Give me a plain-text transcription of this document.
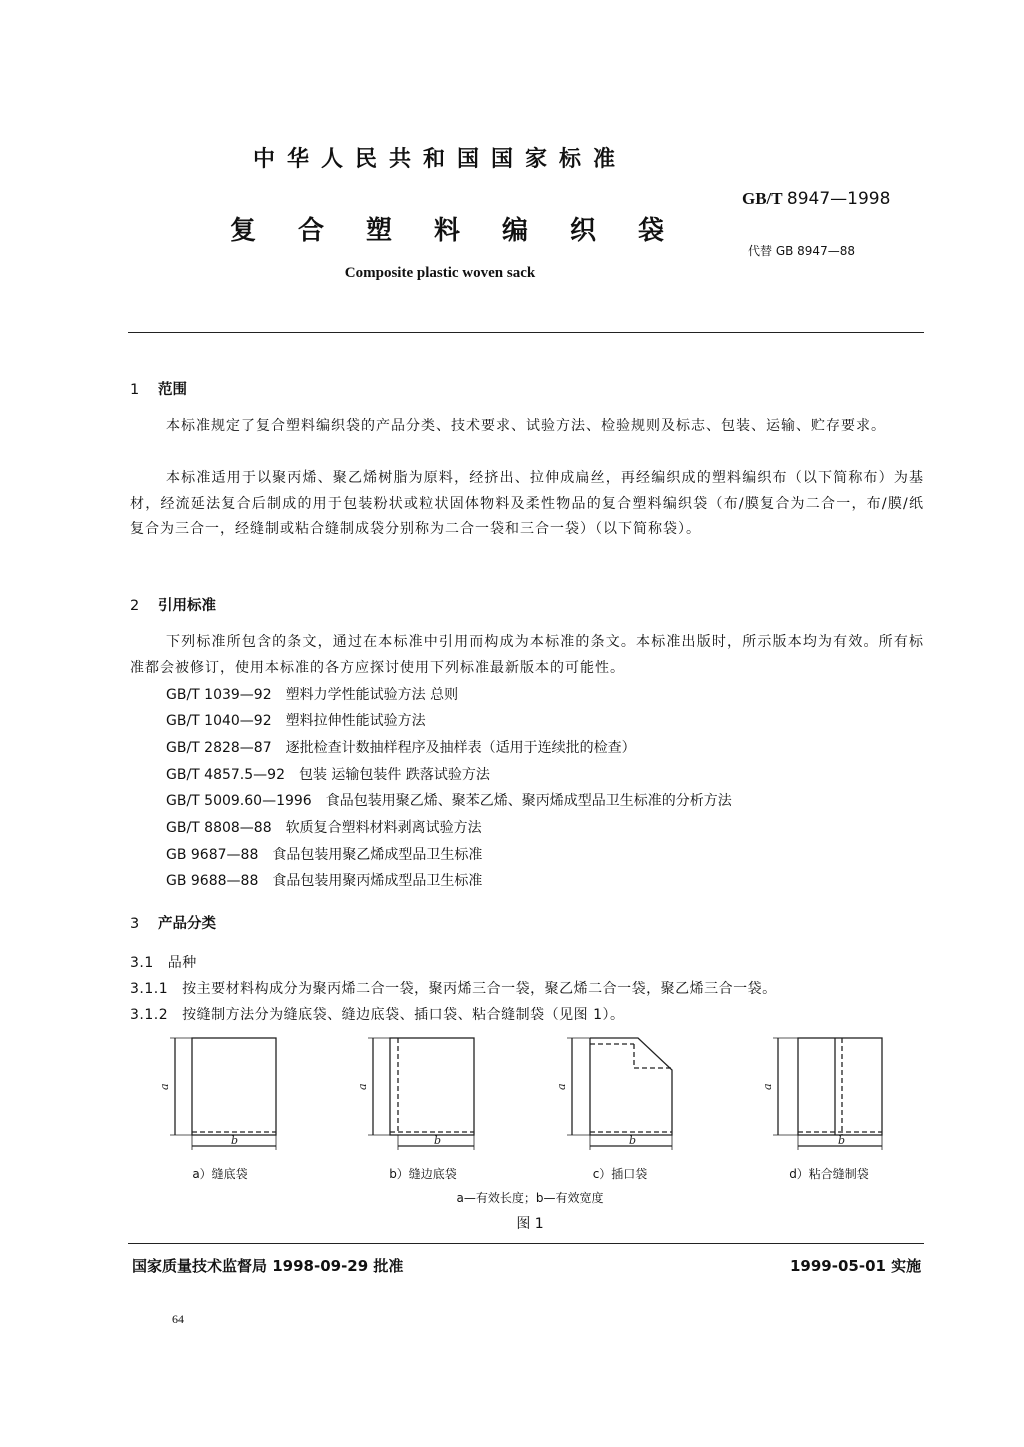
中华人民共和国国家标准
复合塑料编织袋
Composite plastic woven sack
GB/T 8947—1998
代替 GB 8947—88
1 范围
本标准规定了复合塑料编织袋的产品分类、技术要求、试验方法、检验规则及标志、包装、运输、贮存要求。
本标准适用于以聚丙烯、聚乙烯树脂为原料，经挤出、拉伸成扁丝，再经编织成的塑料编织布（以下简称布）为基材，经流延法复合后制成的用于包装粉状或粒状固体物料及柔性物品的复合塑料编织袋（布/膜复合为二合一，布/膜/纸复合为三合一，经缝制或粘合缝制成袋分别称为二合一袋和三合一袋）（以下简称袋）。
2 引用标准
下列标准所包含的条文，通过在本标准中引用而构成为本标准的条文。本标准出版时，所示版本均为有效。所有标准都会被修订，使用本标准的各方应探讨使用下列标准最新版本的可能性。
GB/T 1039—92 塑料力学性能试验方法 总则
GB/T 1040—92 塑料拉伸性能试验方法
GB/T 2828—87 逐批检查计数抽样程序及抽样表（适用于连续批的检查）
GB/T 4857.5—92 包装 运输包装件 跌落试验方法
GB/T 5009.60—1996 食品包装用聚乙烯、聚苯乙烯、聚丙烯成型品卫生标准的分析方法
GB/T 8808—88 软质复合塑料材料剥离试验方法
GB 9687—88 食品包装用聚乙烯成型品卫生标准
GB 9688—88 食品包装用聚丙烯成型品卫生标准
3 产品分类
3.1 品种
3.1.1 按主要材料构成分为聚丙烯二合一袋，聚丙烯三合一袋，聚乙烯二合一袋，聚乙烯三合一袋。
3.1.2 按缝制方法分为缝底袋、缝边底袋、插口袋、粘合缝制袋（见图 1）。
a
b
a
b
a
b
a
b
a）缝底袋	b）缝边底袋	c）插口袋	d）粘合缝制袋
a—有效长度；b—有效宽度
图 1
国家质量技术监督局 1998-09-29 批准	1999-05-01 实施
64
